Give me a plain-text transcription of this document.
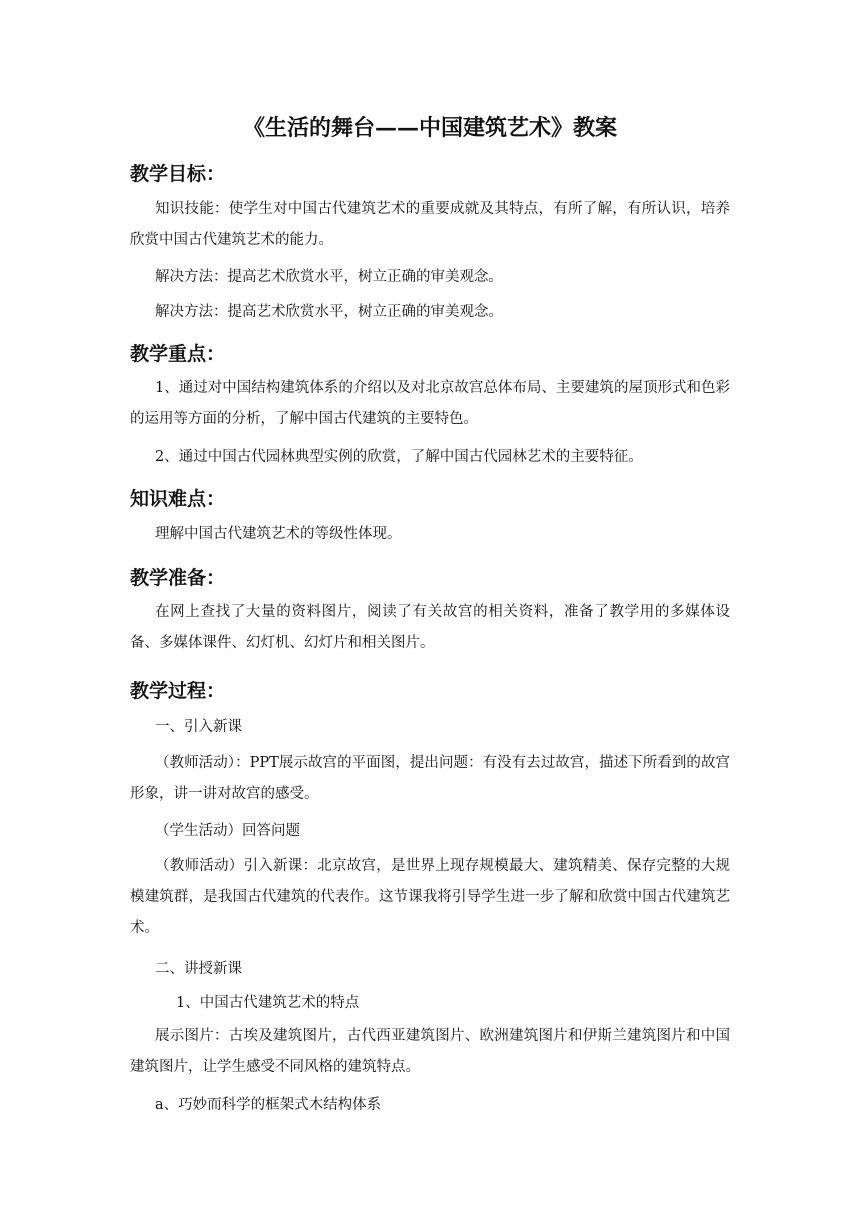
《生活的舞台——中国建筑艺术》教案
教学目标：

知识技能：使学生对中国古代建筑艺术的重要成就及其特点，有所了解，有所认识，培养欣赏中国古代建筑艺术的能力。

解决方法：提高艺术欣赏水平，树立正确的审美观念。

解决方法：提高艺术欣赏水平，树立正确的审美观念。

教学重点：

1、通过对中国结构建筑体系的介绍以及对北京故宫总体布局、主要建筑的屋顶形式和色彩的运用等方面的分析，了解中国古代建筑的主要特色。

2、通过中国古代园林典型实例的欣赏，了解中国古代园林艺术的主要特征。

知识难点：

理解中国古代建筑艺术的等级性体现。

教学准备：

在网上查找了大量的资料图片，阅读了有关故宫的相关资料，准备了教学用的多媒体设备、多媒体课件、幻灯机、幻灯片和相关图片。

教学过程：

一、引入新课

（教师活动）：PPT展示故宫的平面图，提出问题：有没有去过故宫，描述下所看到的故宫形象，讲一讲对故宫的感受。

（学生活动）回答问题

（教师活动）引入新课：北京故宫，是世界上现存规模最大、建筑精美、保存完整的大规模建筑群，是我国古代建筑的代表作。这节课我将引导学生进一步了解和欣赏中国古代建筑艺术。

二、讲授新课

1、中国古代建筑艺术的特点

展示图片：古埃及建筑图片，古代西亚建筑图片、欧洲建筑图片和伊斯兰建筑图片和中国建筑图片，让学生感受不同风格的建筑特点。

a、巧妙而科学的框架式木结构体系
